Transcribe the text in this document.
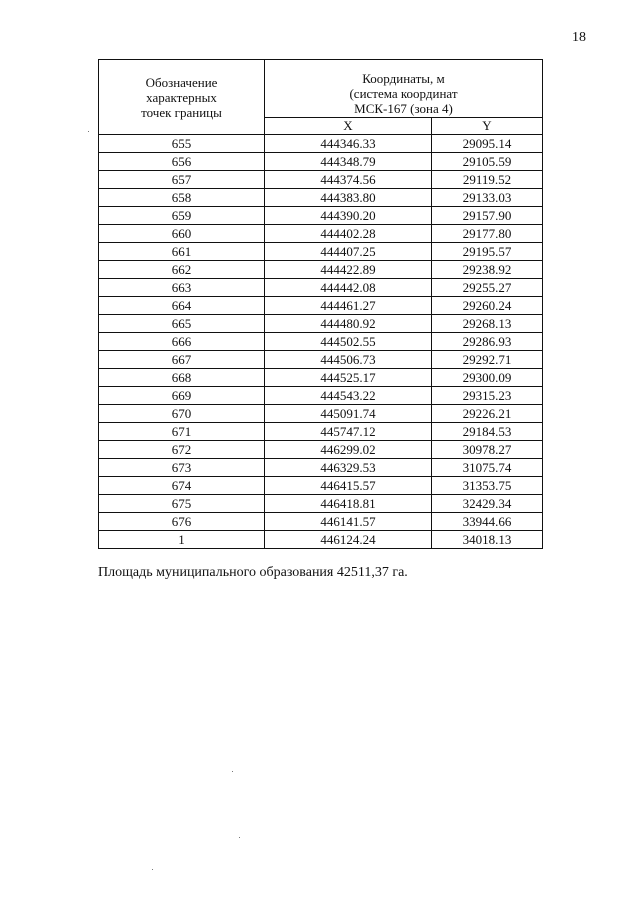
18
Обозначение
характерных
точек границы	Координаты, м
(система координат
МСК-167 (зона 4)	
	X	Y
655	444346.33	29095.14
656	444348.79	29105.59
657	444374.56	29119.52
658	444383.80	29133.03
659	444390.20	29157.90
660	444402.28	29177.80
661	444407.25	29195.57
662	444422.89	29238.92
663	444442.08	29255.27
664	444461.27	29260.24
665	444480.92	29268.13
666	444502.55	29286.93
667	444506.73	29292.71
668	444525.17	29300.09
669	444543.22	29315.23
670	445091.74	29226.21
671	445747.12	29184.53
672	446299.02	30978.27
673	446329.53	31075.74
674	446415.57	31353.75
675	446418.81	32429.34
676	446141.57	33944.66
1	446124.24	34018.13
Площадь муниципального образования 42511,37 га.
